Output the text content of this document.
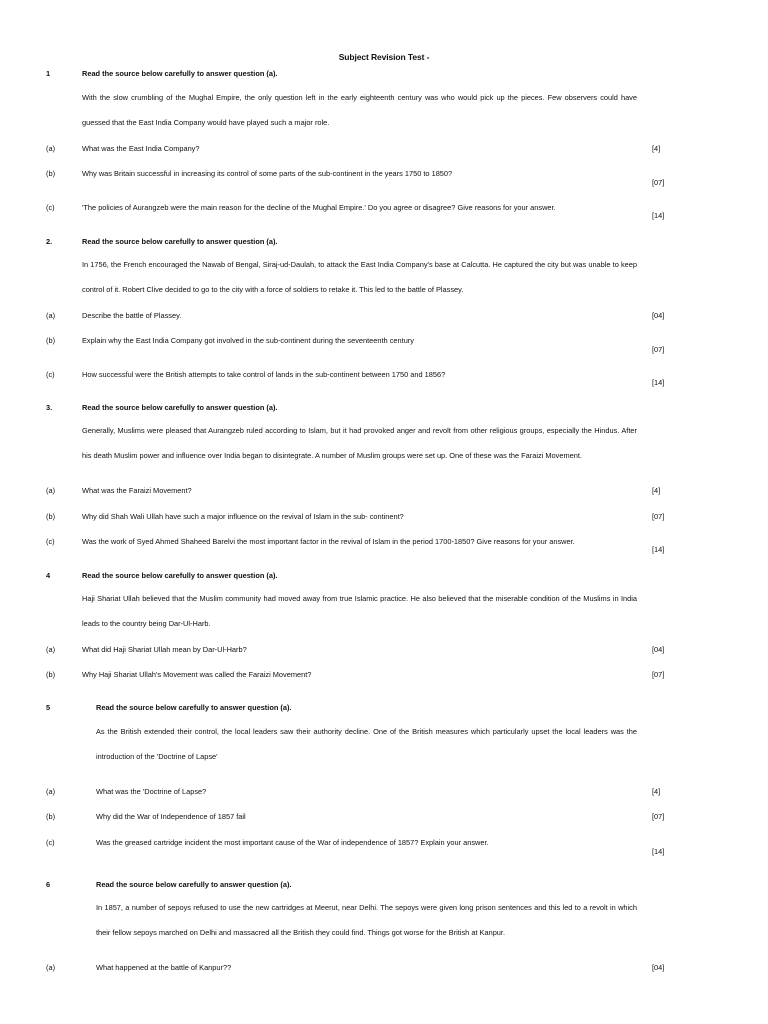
Subject Revision Test -
1	Read the source below carefully to answer question (a).
With the slow crumbling of the Mughal Empire, the only question left in the early eighteenth century was who would pick up the pieces. Few observers could have guessed that the East India Company would have played such a major role.
(a)	What was the East India Company?	[4]
(b)	Why was Britain successful in increasing its control of some parts of the sub-continent in the years 1750 to 1850?
[07]
(c)	'The policies of Aurangzeb were the main reason for the decline of the Mughal Empire.' Do you agree or disagree? Give reasons for your answer.
[14]
2.	Read the source below carefully to answer question (a).
In 1756, the French encouraged the Nawab of Bengal, Siraj-ud-Daulah, to attack the East India Company's base at Calcutta. He captured the city but was unable to keep control of it. Robert Clive decided to go to the city with a force of soldiers to retake it. This led to the battle of Plassey.
(a)	Describe the battle of Plassey.	[04]
(b)	Explain why the East India Company got involved in the sub-continent during the seventeenth century
[07]
(c)	How successful were the British attempts to take control of lands in the sub-continent between 1750 and 1856?
[14]
3.	Read the source below carefully to answer question (a).
Generally, Muslims were pleased that Aurangzeb ruled according to Islam, but it had provoked anger and revolt from other religious groups, especially the Hindus. After his death Muslim power and influence over India began to disintegrate. A number of Muslim groups were set up. One of these was the Faraizi Movement.
(a)	What was the Faraizi Movement?	[4]
(b)	Why did Shah Wali Ullah have such a major influence on the revival of Islam in the sub- continent?	[07]
(c)	Was the work of Syed Ahmed Shaheed Barelvi the most important factor in the revival of Islam in the period 1700-1850? Give reasons for your answer.
[14]
4	Read the source below carefully to answer question (a).
Haji Shariat Ullah believed that the Muslim community had moved away from true Islamic practice. He also believed that the miserable condition of the Muslims in India leads to the country being Dar-Ul-Harb.
(a)	What did Haji Shariat Ullah mean by Dar-Ul-Harb?	[04]
(b)	Why Haji Shariat Ullah's Movement was called the Faraizi Movement?	[07]
5	Read the source below carefully to answer question (a).
As the British extended their control, the local leaders saw their authority decline. One of the British measures which particularly upset the local leaders was the introduction of the 'Doctrine of Lapse'
(a)	What was the 'Doctrine of Lapse?	[4]
(b)	Why did the War of Independence of 1857 fail	[07]
(c)	Was the greased cartridge incident the most important cause of the War of independence of 1857? Explain your answer.
[14]
6	Read the source below carefully to answer question (a).
In 1857, a number of sepoys refused to use the new cartridges at Meerut, near Delhi. The sepoys were given long prison sentences and this led to a revolt in which their fellow sepoys marched on Delhi and massacred all the British they could find. Things got worse for the British at Kanpur.
(a)	What happened at the battle of Kanpur??	[04]
